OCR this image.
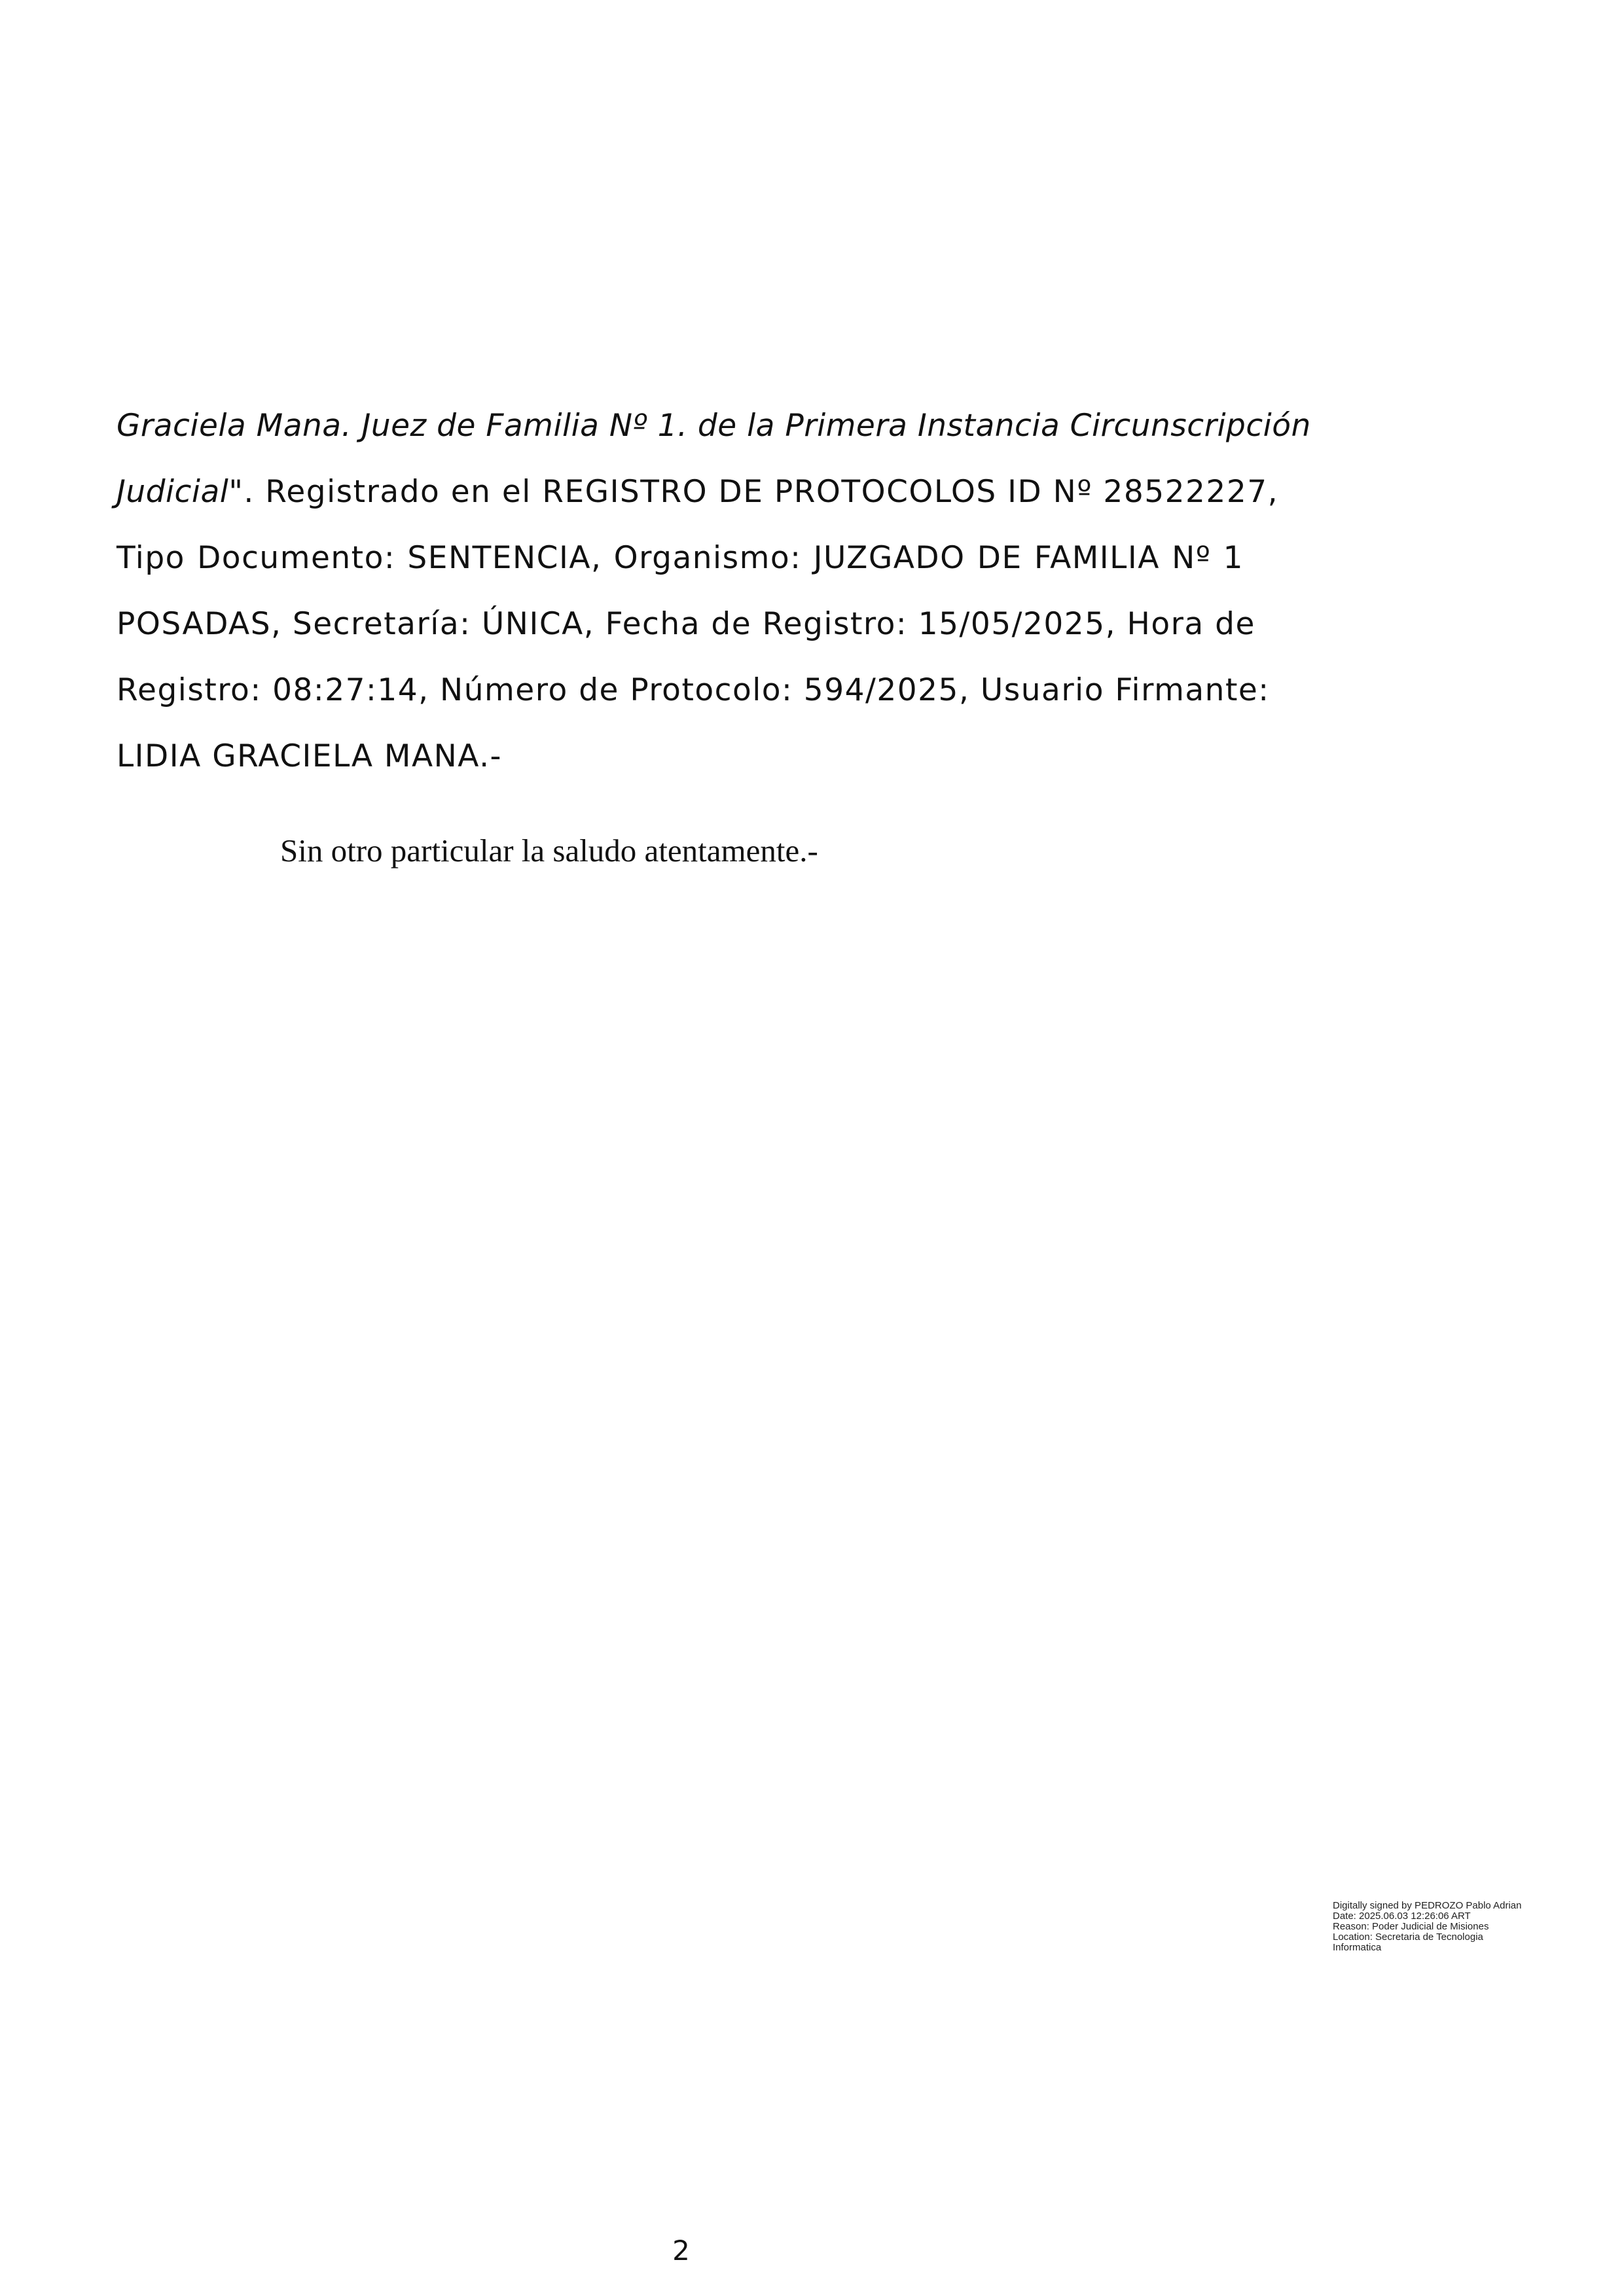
Graciela Mana. Juez de Familia Nº 1. de la Primera Instancia Circunscripción
Judicial". Registrado en el REGISTRO DE PROTOCOLOS ID Nº 28522227,
Tipo Documento: SENTENCIA, Organismo: JUZGADO DE FAMILIA Nº 1
POSADAS, Secretaría: ÚNICA, Fecha de Registro: 15/05/2025, Hora de
Registro: 08:27:14, Número de Protocolo: 594/2025, Usuario Firmante:
LIDIA GRACIELA MANA.-
Sin otro particular la saludo atentamente.-
Digitally signed by PEDROZO Pablo Adrian
Date: 2025.06.03 12:26:06 ART
Reason: Poder Judicial de Misiones
Location: Secretaria de Tecnologia
Informatica
2
